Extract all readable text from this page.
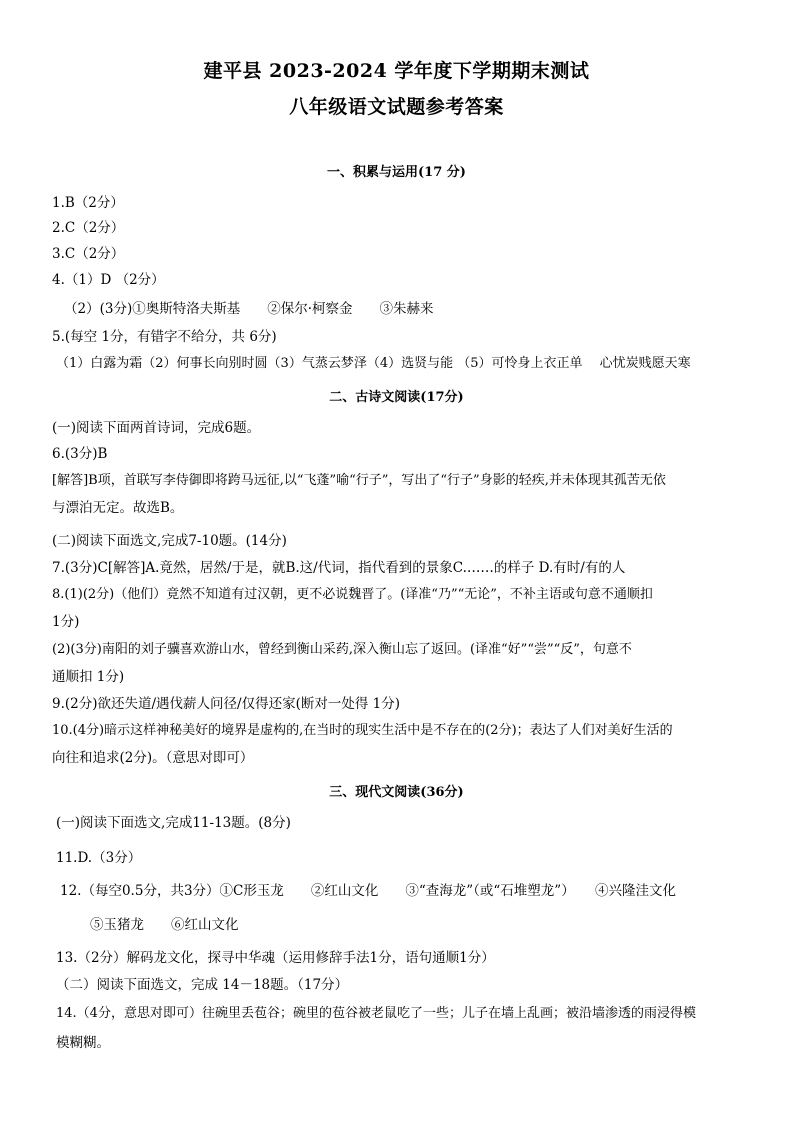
建平县 2023-2024 学年度下学期期末测试
八年级语文试题参考答案
一、积累与运用(17 分)
1.B（2分）
2.C（2分）
3.C（2分）
4.（1）D （2分）
（2）(3分)①奥斯特洛夫斯基　　②保尔·柯察金　　③朱赫来
5.(每空 1分，有错字不给分，共 6分)
（1）白露为霜（2）何事长向别时圆（3）气蒸云梦泽（4）选贤与能 （5）可怜身上衣正单　 心忧炭贱愿天寒
二、古诗文阅读(17分)
(一)阅读下面两首诗词，完成6题。
6.(3分)B
[解答]B项，首联写李侍御即将跨马远征,以“飞蓬”喻“行子”，写出了“行子”身影的轻疾,并未体现其孤苦无依
与漂泊无定。故选B。
(二)阅读下面选文,完成7-10题。(14分)
7.(3分)C[解答]A.竟然，居然/于是，就B.这/代词，指代看到的景象C.……的样子 D.有时/有的人
8.(1)(2分)（他们）竟然不知道有过汉朝，更不必说魏晋了。(译准“乃”“无论”，不补主语或句意不通顺扣
1分)
(2)(3分)南阳的刘子骥喜欢游山水，曾经到衡山采药,深入衡山忘了返回。(译准“好”“尝”“反”，句意不
通顺扣 1分)
9.(2分)欲还失道/遇伐薪人问径/仅得还家(断对一处得 1分)
10.(4分)暗示这样神秘美好的境界是虚构的,在当时的现实生活中是不存在的(2分)；表达了人们对美好生活的
向往和追求(2分)。（意思对即可）
三、现代文阅读(36分)
(一)阅读下面选文,完成11-13题。(8分)
11.D.（3分）
12.（每空0.5分，共3分）①C形玉龙　　②红山文化　　③“查海龙”（或“石堆塑龙”）　　④兴隆洼文化
⑤玉猪龙　　⑥红山文化
13.（2分）解码龙文化，探寻中华魂（运用修辞手法1分，语句通顺1分）
（二）阅读下面选文，完成 14－18题。（17分）
14.（4分，意思对即可）往碗里丢苞谷；碗里的苞谷被老鼠吃了一些；儿子在墙上乱画；被沿墙渗透的雨浸得模
模糊糊。
